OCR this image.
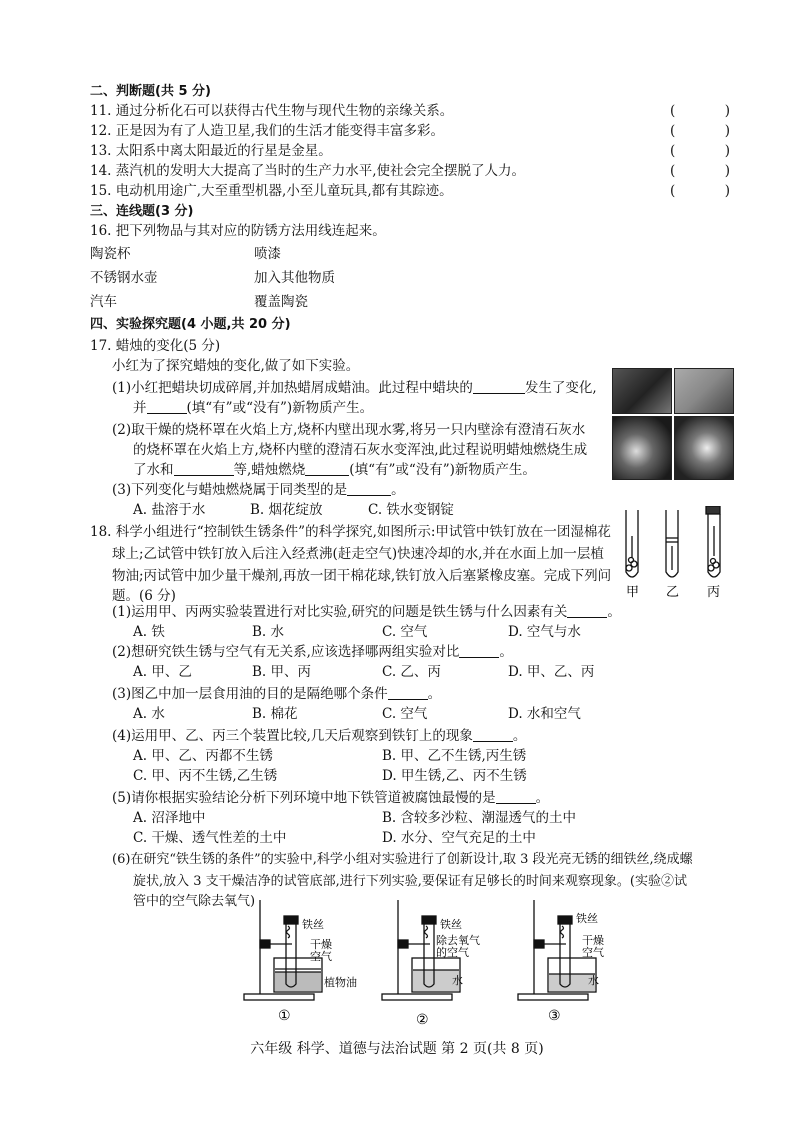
二、判断题(共 5 分)
11. 通过分析化石可以获得古代生物与现代生物的亲缘关系。	(	)
12. 正是因为有了人造卫星,我们的生活才能变得丰富多彩。	(	)
13. 太阳系中离太阳最近的行星是金星。	(	)
14. 蒸汽机的发明大大提高了当时的生产力水平,使社会完全摆脱了人力。	(	)
15. 电动机用途广,大至重型机器,小至儿童玩具,都有其踪迹。	(	)
三、连线题(3 分)
16. 把下列物品与其对应的防锈方法用线连起来。
陶瓷杯	喷漆
不锈钢水壶	加入其他物质
汽车	覆盖陶瓷
四、实验探究题(4 小题,共 20 分)
17. 蜡烛的变化(5 分)
小红为了探究蜡烛的变化,做了如下实验。
(1)小红把蜡块切成碎屑,并加热蜡屑成蜡油。此过程中蜡块的	发生了变化,
并	(填“有”或“没有”)新物质产生。
(2)取干燥的烧杯罩在火焰上方,烧杯内壁出现水雾,将另一只内壁涂有澄清石灰水
的烧杯罩在火焰上方,烧杯内壁的澄清石灰水变浑浊,此过程说明蜡烛燃烧生成
了水和	等,蜡烛燃烧	(填“有”或“没有”)新物质产生。
(3)下列变化与蜡烛燃烧属于同类型的是	。
A. 盐溶于水	B. 烟花绽放	C. 铁水变钢锭
18. 科学小组进行“控制铁生锈条件”的科学探究,如图所示:甲试管中铁钉放在一团湿棉花
球上;乙试管中铁钉放入后注入经煮沸(赶走空气)快速冷却的水,并在水面上加一层植
物油;丙试管中加少量干燥剂,再放一团干棉花球,铁钉放入后塞紧橡皮塞。完成下列问
题。(6 分)	甲 乙 丙
(1)运用甲、丙两实验装置进行对比实验,研究的问题是铁生锈与什么因素有关	。
A. 铁	B. 水	C. 空气	D. 空气与水
(2)想研究铁生锈与空气有无关系,应该选择哪两组实验对比	。
A. 甲、乙	B. 甲、丙	C. 乙、丙	D. 甲、乙、丙
(3)图乙中加一层食用油的目的是隔绝哪个条件	。
A. 水	B. 棉花	C. 空气	D. 水和空气
(4)运用甲、乙、丙三个装置比较,几天后观察到铁钉上的现象	。
A. 甲、乙、丙都不生锈	B. 甲、乙不生锈,丙生锈
C. 甲、丙不生锈,乙生锈	D. 甲生锈,乙、丙不生锈
(5)请你根据实验结论分析下列环境中地下铁管道被腐蚀最慢的是	。
A. 沼泽地中	B. 含较多沙粒、潮湿透气的土中
C. 干燥、透气性差的土中	D. 水分、空气充足的土中
(6)在研究“铁生锈的条件”的实验中,科学小组对实验进行了创新设计,取 3 段光亮无锈的细铁丝,绕成螺
旋状,放入 3 支干燥洁净的试管底部,进行下列实验,要保证有足够长的时间来观察现象。(实验②试
管中的空气除去氧气)
铁丝
干燥
空气
植物油
①
铁丝
除去氧气
的空气
水
②
铁丝
干燥
空气
水
③
六年级 科学、道德与法治试题 第 2 页(共 8 页)
